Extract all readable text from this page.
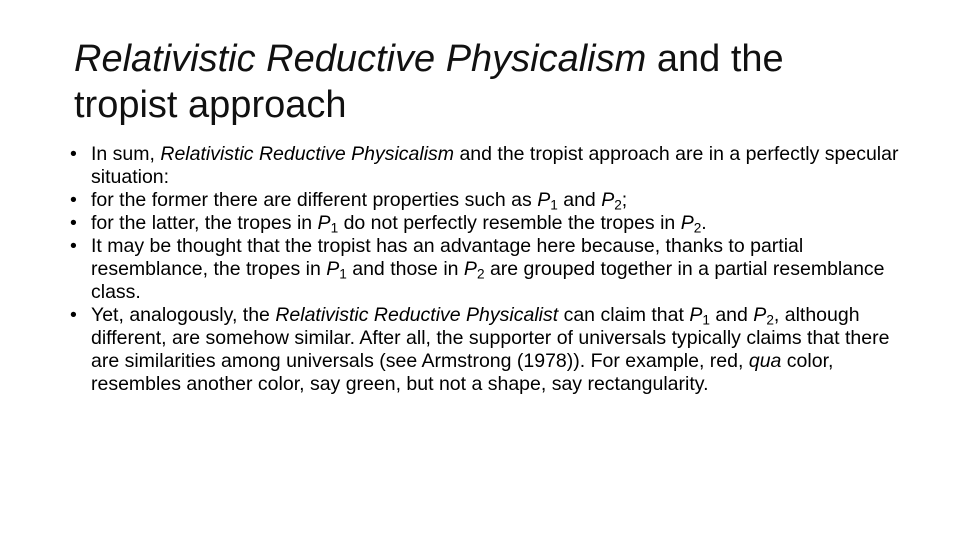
Relativistic Reductive Physicalism and the
tropist approach
• In sum, Relativistic Reductive Physicalism and the tropist approach are in a perfectly specular situation:
• for the former there are different properties such as $P_1$ and $P_2$;
• for the latter, the tropes in $P_1$ do not perfectly resemble the tropes in $P_2$.
• It may be thought that the tropist has an advantage here because, thanks to partial resemblance, the tropes in $P_1$ and those in $P_2$ are grouped together in a partial resemblance class.
• Yet, analogously, the Relativistic Reductive Physicalist can claim that $P_1$ and $P_2$, although different, are somehow similar. After all, the supporter of universals typically claims that there are similarities among universals (see Armstrong (1978)). For example, red, qua color, resembles another color, say green, but not a shape, say rectangularity.
